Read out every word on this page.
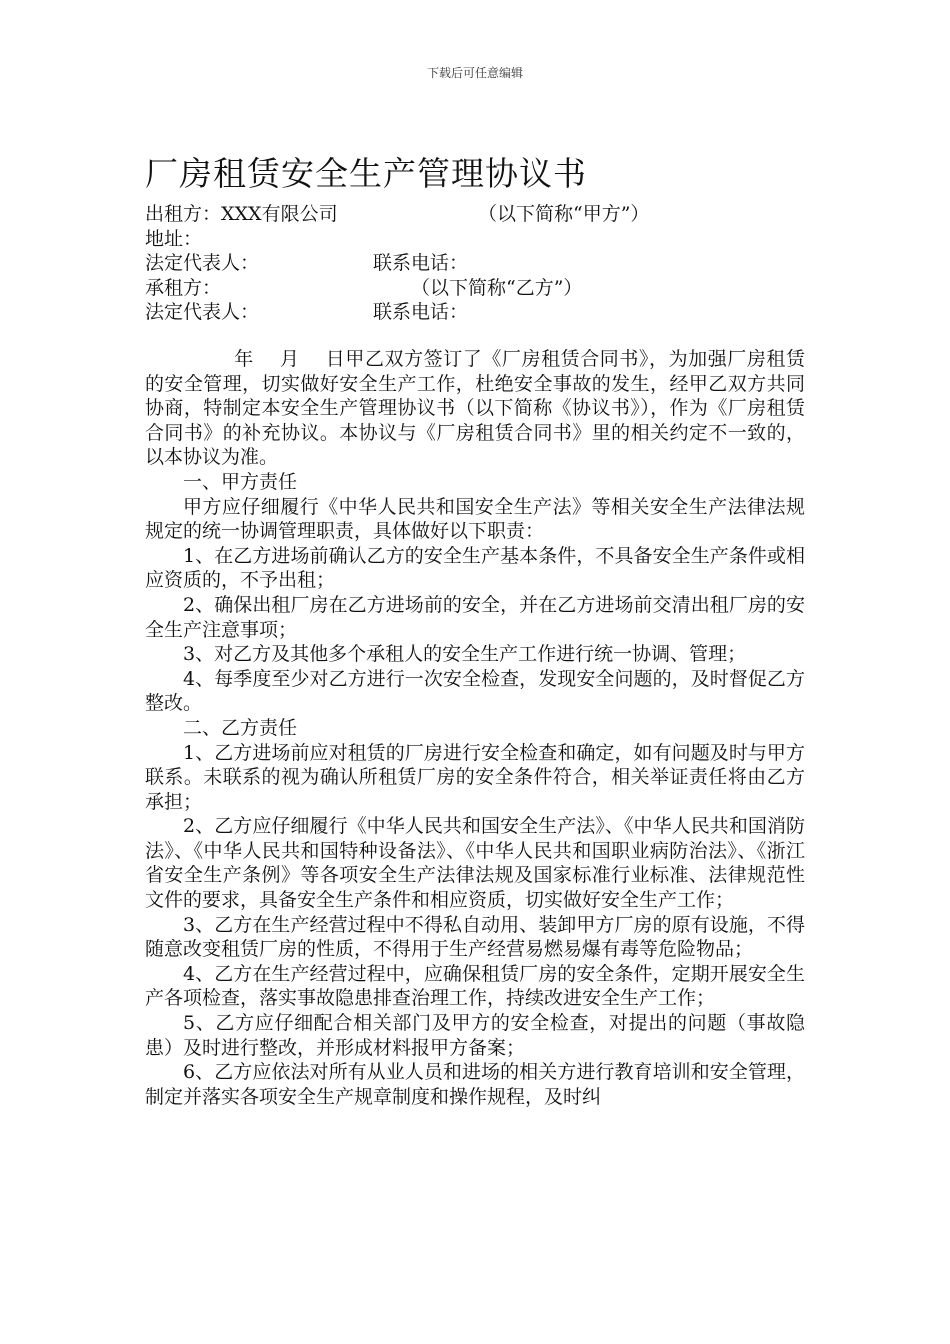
下载后可任意编辑
厂房租赁安全生产管理协议书
出租方：XXX有限公司	（以下简称“甲方”）
地址：
法定代表人：	联系电话：
承租方：	（以下简称“乙方”）
法定代表人：	联系电话：

年　 月　 日甲乙双方签订了《厂房租赁合同书》，为加强厂房租赁的安全管理，切实做好安全生产工作，杜绝安全事故的发生，经甲乙双方共同协商，特制定本安全生产管理协议书（以下简称《协议书》），作为《厂房租赁合同书》的补充协议。本协议与《厂房租赁合同书》里的相关约定不一致的，以本协议为准。

一、甲方责任

甲方应仔细履行《中华人民共和国安全生产法》等相关安全生产法律法规规定的统一协调管理职责，具体做好以下职责：

1、在乙方进场前确认乙方的安全生产基本条件，不具备安全生产条件或相应资质的，不予出租；

2、确保出租厂房在乙方进场前的安全，并在乙方进场前交清出租厂房的安全生产注意事项；

3、对乙方及其他多个承租人的安全生产工作进行统一协调、管理；

4、每季度至少对乙方进行一次安全检查，发现安全问题的，及时督促乙方整改。

二、乙方责任

1、乙方进场前应对租赁的厂房进行安全检查和确定，如有问题及时与甲方联系。未联系的视为确认所租赁厂房的安全条件符合，相关举证责任将由乙方承担；

2、乙方应仔细履行《中华人民共和国安全生产法》、《中华人民共和国消防法》、《中华人民共和国特种设备法》、《中华人民共和国职业病防治法》、《浙江省安全生产条例》等各项安全生产法律法规及国家标准行业标准、法律规范性文件的要求，具备安全生产条件和相应资质，切实做好安全生产工作；

3、乙方在生产经营过程中不得私自动用、装卸甲方厂房的原有设施，不得随意改变租赁厂房的性质，不得用于生产经营易燃易爆有毒等危险物品；

4、乙方在生产经营过程中，应确保租赁厂房的安全条件，定期开展安全生产各项检查，落实事故隐患排查治理工作，持续改进安全生产工作；

5、乙方应仔细配合相关部门及甲方的安全检查，对提出的问题（事故隐患）及时进行整改，并形成材料报甲方备案；

6、乙方应依法对所有从业人员和进场的相关方进行教育培训和安全管理，制定并落实各项安全生产规章制度和操作规程，及时纠
